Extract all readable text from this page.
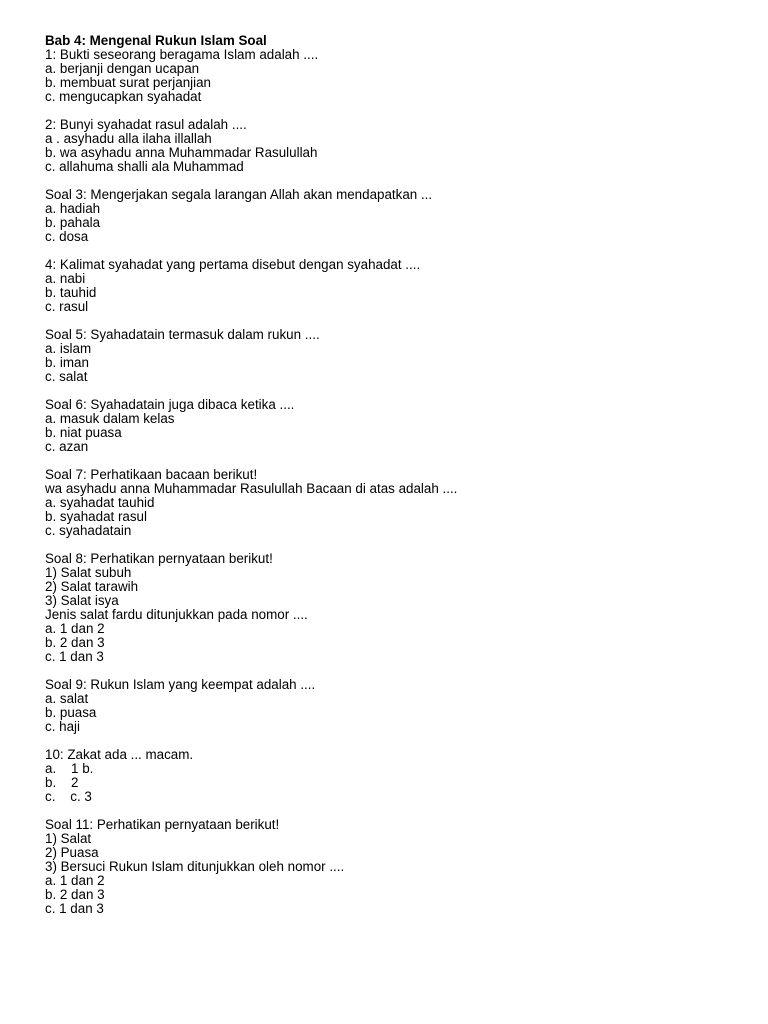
Bab 4: Mengenal Rukun Islam Soal
1: Bukti seseorang beragama Islam adalah ....
a. berjanji dengan ucapan
b. membuat surat perjanjian
c. mengucapkan syahadat
2: Bunyi syahadat rasul adalah ....
a . asyhadu alla ilaha illallah
b. wa asyhadu anna Muhammadar Rasulullah
c. allahuma shalli ala Muhammad
Soal 3: Mengerjakan segala larangan Allah akan mendapatkan ...
a. hadiah
b. pahala
c. dosa
4: Kalimat syahadat yang pertama disebut dengan syahadat ....
a. nabi
b. tauhid
c. rasul
Soal 5: Syahadatain termasuk dalam rukun ....
a. islam
b. iman
c. salat
Soal 6: Syahadatain juga dibaca ketika ....
a. masuk dalam kelas
b. niat puasa
c. azan
Soal 7: Perhatikaan bacaan berikut!
wa asyhadu anna Muhammadar Rasulullah Bacaan di atas adalah ....
a. syahadat tauhid
b. syahadat rasul
c. syahadatain
Soal 8: Perhatikan pernyataan berikut!
1) Salat subuh
2) Salat tarawih
3) Salat isya
Jenis salat fardu ditunjukkan pada nomor ....
a. 1 dan 2
b. 2 dan 3
c. 1 dan 3
Soal 9: Rukun Islam yang keempat adalah ....
a. salat
b. puasa
c. haji
10: Zakat ada ... macam.
a.    1 b.
b.    2
c.    c. 3
Soal 11: Perhatikan pernyataan berikut!
1) Salat
2) Puasa
3) Bersuci Rukun Islam ditunjukkan oleh nomor ....
a. 1 dan 2
b. 2 dan 3
c. 1 dan 3
